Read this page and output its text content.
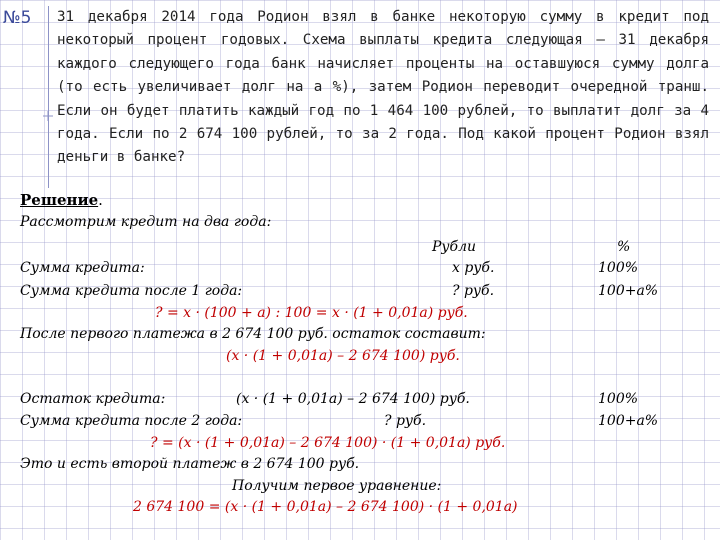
№5 31 декабря 2014 года Родион взял в банке некоторую сумму в кредит под некоторый процент годовых. Схема выплаты кредита следующая – 31 декабря каждого следующего года банк начисляет проценты на оставшуюся сумму долга (то есть увеличивает долг на а %), затем Родион переводит очередной транш. Если он будет платить каждый год по 1 464 100 рублей, то выплатит долг за 4 года. Если по 2 674 100 рублей, то за 2 года. Под какой процент Родион взял деньги в банке?
Решение.
Рассмотрим кредит на два года:
Рубли	%
Сумма кредита:	х руб.	100%
Сумма кредита после 1 года:	? руб.	100+а%
? = х · (100 + а) : 100 = х · (1 + 0,01а) руб.
После первого платежа в 2 674 100 руб. остаток составит:
(х · (1 + 0,01а) – 2 674 100) руб.
Остаток кредита:	(х · (1 + 0,01а) – 2 674 100) руб.	100%
Сумма кредита после 2 года:	? руб.	100+а%
? = (х · (1 + 0,01а) – 2 674 100) · (1 + 0,01а) руб.
Это и есть второй платеж в 2 674 100 руб.
Получим первое уравнение:
2 674 100 = (х · (1 + 0,01а) – 2 674 100) · (1 + 0,01а)
